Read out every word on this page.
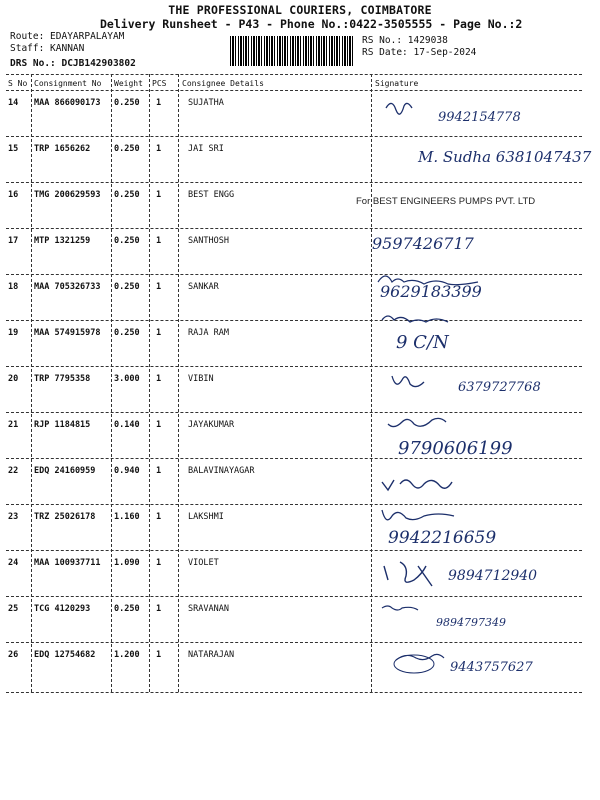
THE PROFESSIONAL COURIERS, COIMBATORE
Delivery Runsheet - P43 - Phone No.:0422-3505555 - Page No.:2
Route: EDAYARPALAYAM
Staff: KANNAN
DRS No.: DCJB142903802
RS No.: 1429038
RS Date: 17-Sep-2024
S No Consignment No Weight PCS Consignee Details	Signature
14 MAA 866090173 0.250 1	SUJATHA
9942154778
15 TRP 1656262	0.250 1	JAI SRI	M. Sudha 6381047437
16 TMG 200629593 0.250 1	BEST ENGG
For BEST ENGINEERS PUMPS PVT. LTD
17 MTP 1321259	0.250 1	SANTHOSH	9597426717
18 MAA 705326733 0.250 1	SANKAR	9629183399
19 MAA 574915978 0.250 1	RAJA RAM	9 C/N
20 TRP 7795358	3.000 1	VIBIN
6379727768
21 RJP 1184815	0.140 1	JAYAKUMAR
9790606199
22 EDQ 24160959 0.940 1	BALAVINAYAGAR
23 TRZ 25026178 1.160 1	LAKSHMI
9942216659
24 MAA 100937711 1.090 1	VIOLET
9894712940
25 TCG 4120293	0.250 1	SRAVANAN
9894797349
26 EDQ 12754682 1.200 1	NATARAJAN
9443757627
